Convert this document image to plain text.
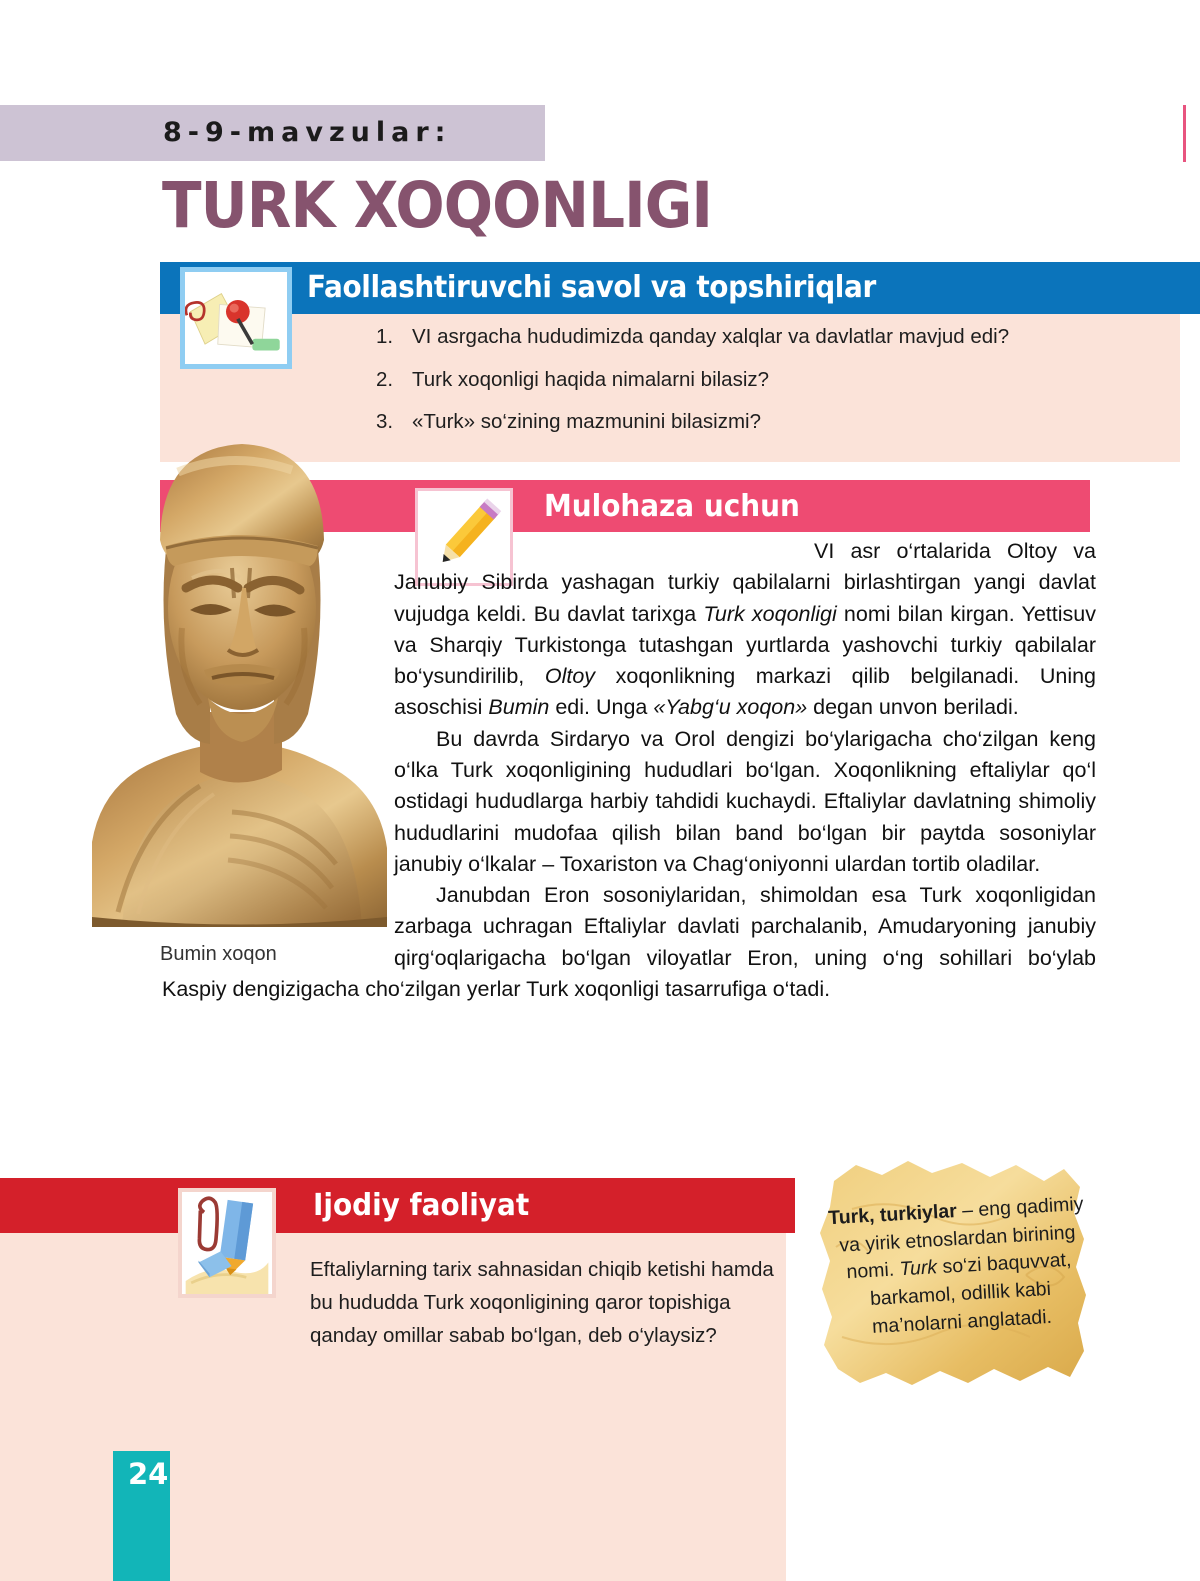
8-9-mavzular:
TURK XOQONLIGI
Faollashtiruvchi savol va topshiriqlar
1. VI asrgacha hududimizda qanday xalqlar va davlatlar mavjud edi?
2. Turk xoqonligi haqida nimalarni bilasiz?
3. «Turk» so‘zining mazmunini bilasizmi?
Mulohaza uchun
Bumin xoqon

VI asr o‘rtalarida Oltoy va Janubiy Sibirda yashagan turkiy qabilalarni birlashtirgan yangi davlat vujudga keldi. Bu davlat tarixga Turk xoqonligi nomi bilan kirgan. Yettisuv va Sharqiy Turkistonga tutashgan yurtlarda yashovchi turkiy qabilalar bo‘ysundirilib, Oltoy xoqonlikning markazi qilib belgilanadi. Uning asoschisi Bumin edi. Unga «Yabg‘u xoqon» degan unvon beriladi.

Bu davrda Sirdaryo va Orol dengizi bo‘ylarigacha cho‘zilgan keng o‘lka Turk xoqonligining hududlari bo‘lgan. Xoqonlikning eftaliylar qo‘l ostidagi hududlarga harbiy tahdidi kuchaydi. Eftaliylar davlatning shimoliy hududlarini mudofaa qilish bilan band bo‘lgan bir paytda sosoniylar janubiy o‘lkalar – Toxariston va Chag‘oniyonni ulardan tortib oladilar.

Janubdan Eron sosoniylaridan, shimoldan esa Turk xoqonligidan zarbaga uchragan Eftaliylar davlati parchalanib, Amudaryoning janubiy qirg‘oqlarigacha bo‘lgan viloyatlar Eron, uning o‘ng sohillari bo‘ylab Kaspiy dengizigacha cho‘zilgan yerlar Turk xoqonligi tasarrufiga o‘tadi.

Ijodiy faoliyat
Eftaliylarning tarix sahnasidan chiqib ketishi hamda bu hududda Turk xoqonligining qaror topishiga qanday omillar sabab bo‘lgan, deb o‘ylaysiz?
Turk, turkiylar – eng qadimiy va yirik etnoslardan birining nomi. Turk so‘zi baquvvat, barkamol, odillik kabi ma’nolarni anglatadi.
24
